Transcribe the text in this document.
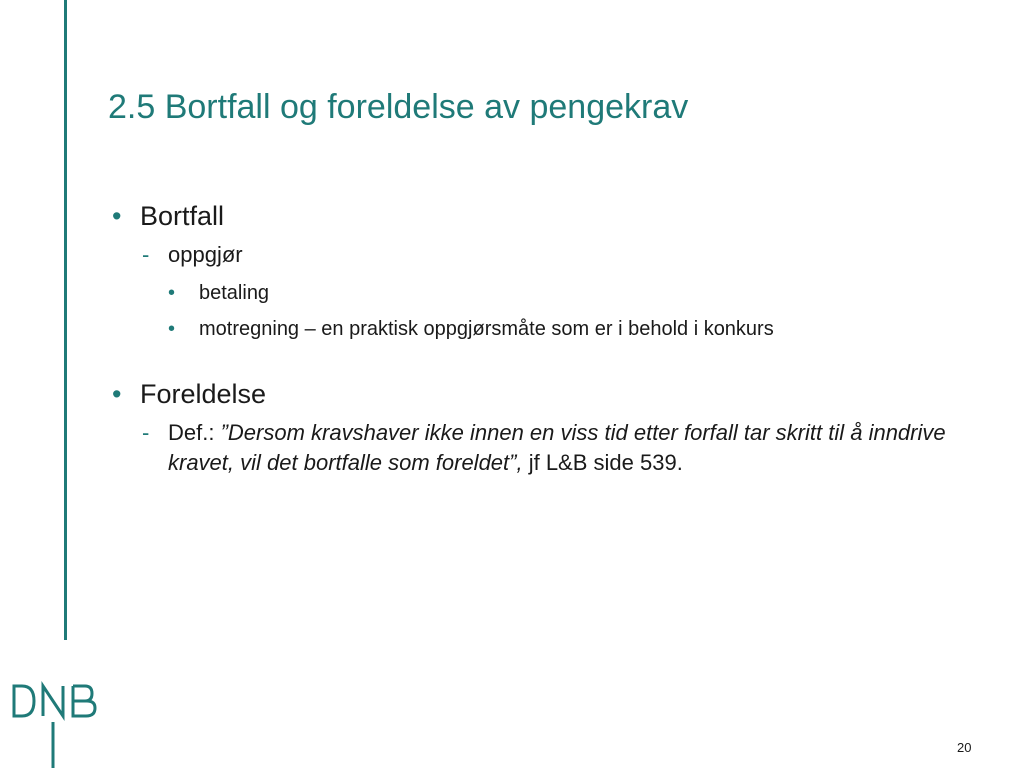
2.5 Bortfall og foreldelse av pengekrav
• Bortfall
- oppgjør
• betaling
• motregning – en praktisk oppgjørsmåte som er i behold i konkurs
• Foreldelse
- Def.: ”Dersom kravshaver ikke innen en viss tid etter forfall tar skritt til å inndrive kravet, vil det bortfalle som foreldet”, jf L&B side 539.
20
